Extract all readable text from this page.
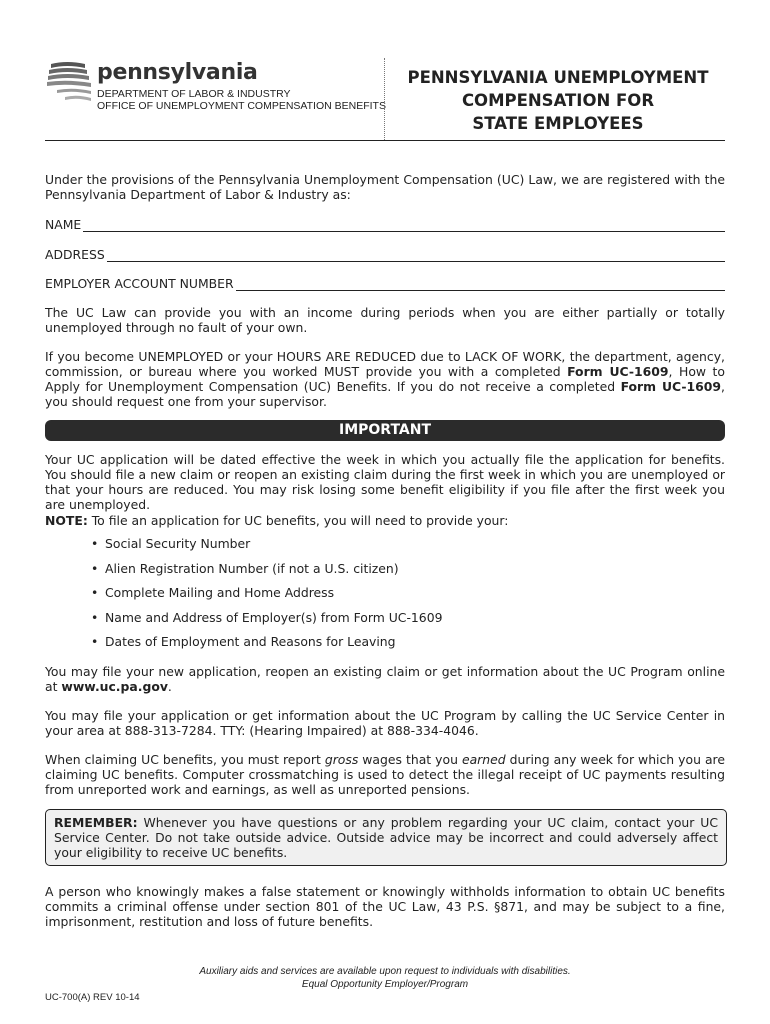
pennsylvania
DEPARTMENT OF LABOR & INDUSTRY
OFFICE OF UNEMPLOYMENT COMPENSATION BENEFITS
PENNSYLVANIA UNEMPLOYMENT
COMPENSATION FOR
STATE EMPLOYEES

Under the provisions of the Pennsylvania Unemployment Compensation (UC) Law, we are registered with the Pennsylvania Department of Labor & Industry as:

NAME
ADDRESS
EMPLOYER ACCOUNT NUMBER

The UC Law can provide you with an income during periods when you are either partially or totally unemployed through no fault of your own.

If you become UNEMPLOYED or your HOURS ARE REDUCED due to LACK OF WORK, the department, agency, commission, or bureau where you worked MUST provide you with a completed Form UC-1609, How to Apply for Unemployment Compensation (UC) Benefits. If you do not receive a completed Form UC-1609, you should request one from your supervisor.

IMPORTANT

Your UC application will be dated effective the week in which you actually file the application for benefits. You should file a new claim or reopen an existing claim during the first week in which you are unemployed or that your hours are reduced. You may risk losing some benefit eligibility if you file after the first week you are unemployed.

NOTE: To file an application for UC benefits, you will need to provide your:

• Social Security Number
• Alien Registration Number (if not a U.S. citizen)
• Complete Mailing and Home Address
• Name and Address of Employer(s) from Form UC-1609
• Dates of Employment and Reasons for Leaving

You may file your new application, reopen an existing claim or get information about the UC Program online at www.uc.pa.gov.

You may file your application or get information about the UC Program by calling the UC Service Center in your area at 888-313-7284. TTY: (Hearing Impaired) at 888-334-4046.

When claiming UC benefits, you must report gross wages that you earned during any week for which you are claiming UC benefits. Computer crossmatching is used to detect the illegal receipt of UC payments resulting from unreported work and earnings, as well as unreported pensions.

REMEMBER: Whenever you have questions or any problem regarding your UC claim, contact your UC Service Center. Do not take outside advice. Outside advice may be incorrect and could adversely affect your eligibility to receive UC benefits.

A person who knowingly makes a false statement or knowingly withholds information to obtain UC benefits commits a criminal offense under section 801 of the UC Law, 43 P.S. §871, and may be subject to a fine, imprisonment, restitution and loss of future benefits.

Auxiliary aids and services are available upon request to individuals with disabilities.
Equal Opportunity Employer/Program
UC-700(A) REV 10-14
